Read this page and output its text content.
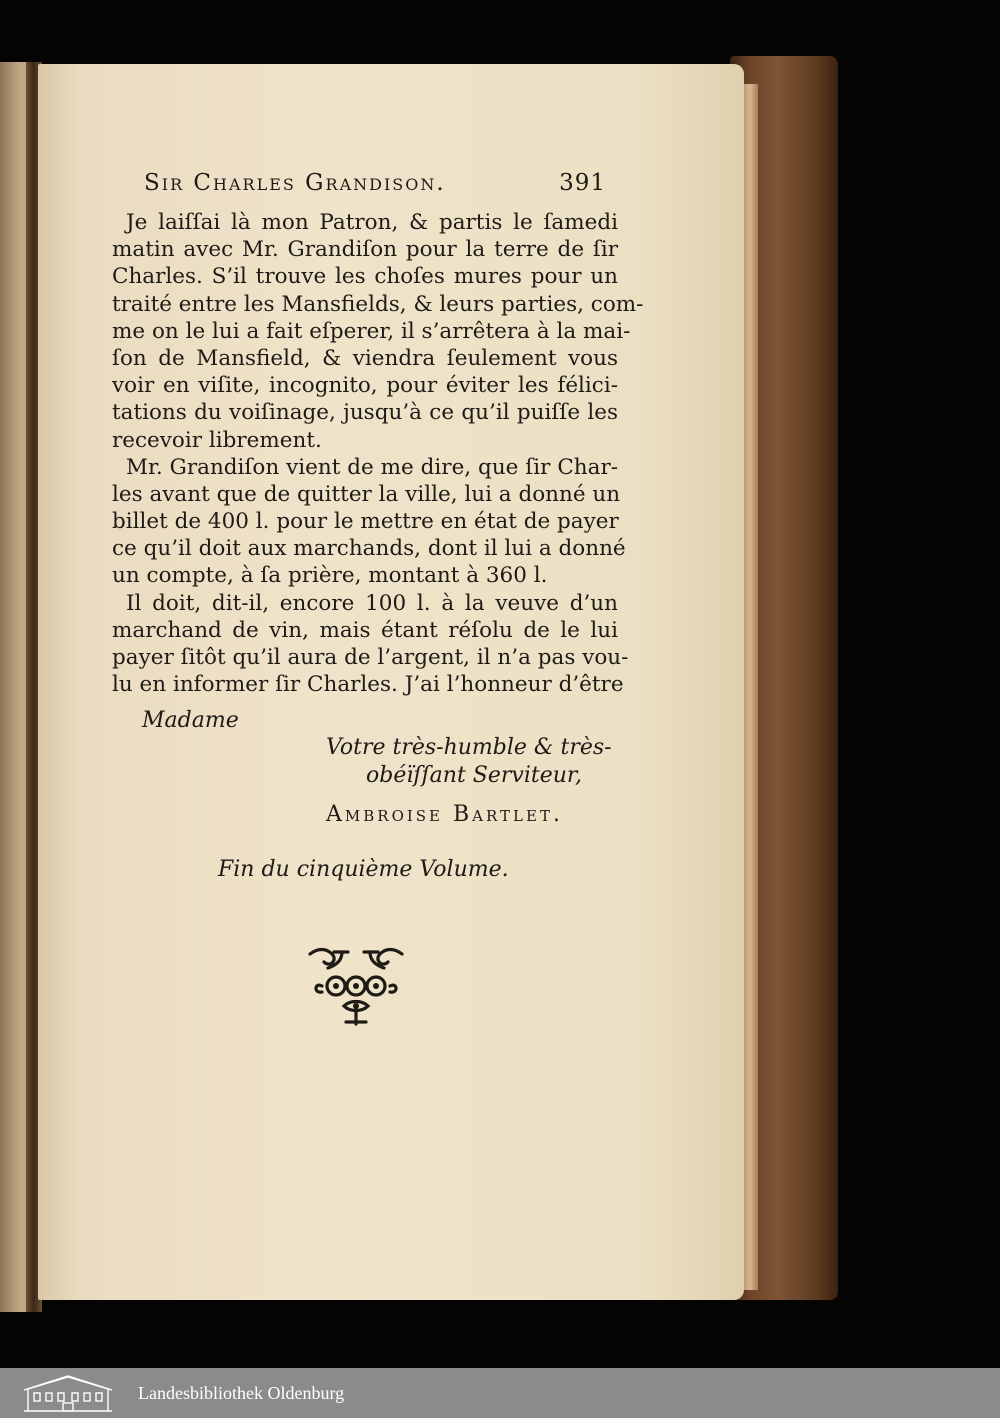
Sir Charles Grandison.	391
Je laiſſai là mon Patron, & partis le ſamedi
matin avec Mr. Grandiſon pour la terre de ſir
Charles. S’il trouve les choſes mures pour un
traité entre les Mansfields, & leurs parties, com-
me on le lui a fait eſperer, il s’arrêtera à la mai-
ſon de Mansfield, & viendra ſeulement vous
voir en viſite, incognito, pour éviter les félici-
tations du voiſinage, jusqu’à ce qu’il puiſſe les
recevoir librement.
Mr. Grandiſon vient de me dire, que ſir Char-
les avant que de quitter la ville, lui a donné un
billet de 400 l. pour le mettre en état de payer
ce qu’il doit aux marchands, dont il lui a donné
un compte, à ſa prière, montant à 360 l.
Il doit, dit-il, encore 100 l. à la veuve d’un
marchand de vin, mais étant réſolu de le lui
payer ſitôt qu’il aura de l’argent, il n’a pas vou-
lu en informer ſir Charles. J’ai l’honneur d’être
Madame
Votre très-humble & très-
obéïſſant Serviteur,
Ambroise Bartlet.
Fin du cinquième Volume.
Landesbibliothek Oldenburg
